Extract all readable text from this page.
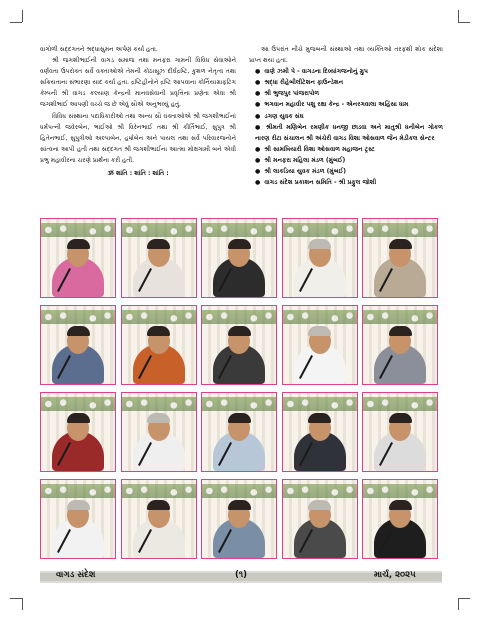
વાગોળી સદ્દગતને શ્રદ્ધાસુમન અર્પણ કર્યા હતા.

શ્રી જગશીભાઈની વાગડ સમાજ તથા મનફરા ગામની વિવિધ સેવાઓને વર્ણવતા ઉપરોક્ત સર્વે વક્તાઓએ તેમની કોઠાસૂઝ દીર્ઘદ્રષ્ટિ, કુશળ નેતૃત્વ તથા સક્રિયતાના સંભારણા યાદ કર્યા હતા. દ્રષ્ટિહીનોને દ્રષ્ટિ આપવાના કોર્નિયાગ્રાફટિંગ કેમ્પની શ્રી વાગડ કલ્યાણ કેન્દ્રની માનવસેવાની પ્રવૃત્તિના પ્રણેતા એવા શ્રી જગશીભાઈ આપણી વચ્ચે જ છે એવું સૌએ અનુભવ્યું હતું.

વિવિધ સંસ્થાના પદાધિકારીઓ તથા અન્ય સૌ વક્તાઓએ શ્રી જગશીભાઈનાં ધર્મપત્ની જવેરબેન, ભાઈઓ શ્રી વિરેનભાઈ તથા શ્રી કીર્તિભાઈ, સુપુત્ર શ્રી હિતેનભાઈ, સુપુત્રીઓ અલ્પાબેન, હર્ષાબેન અને પાયલ તથા સર્વે પરિવારજનોને સાંત્વના આપી હતી તથા સદ્દગત શ્રી જગશીભાઈના આત્મા મોક્ષગામી બને એવી પ્રભુ મહાવીરના ચરણે પ્રાર્થના કરી હતી.

ૐ શાંતિ : શાંતિ : શાંતિ :

આ ઉપરાંત નીચે મુજબની સંસ્થાઓ તથા વ્યક્તિઓ તરફથી શોક સંદેશા પ્રાપ્ત થયા હતા.

● વાણે ઝમી પે - વાગડના દિવ્યાંગજનોનું ગ્રુપ

● શ્રદ્ધા રીહેબીલીટેશન ફાઉન્ડેશન

● શ્રી ભુજપુર પાંજરાપોળ

● ભગવાન મહાવીર પશુ રક્ષા કેન્દ્ર - એનરગવાલા અહિંસા ધામ

● ડગણ યુવક સંઘ

● શ્રીમતી મણિબેન રમણીક ધનજી છાડવા અને માતુશ્રી ધનીબેન ગોકળ નારણ રીટા સંચાલન શ્રી અંચેરી વાગડ વિશા ઓસવાળ જૈન મેડીકલ સેન્ટર

● શ્રી સામખિયારી વિશા ઓસવાળ મહાજન ટ્રસ્ટ

● શ્રી મનફરા મહિલા મંડળ (મુંબઈ)

● શ્રી લાકડિયા યુવક મંડળ (મુંબઈ)

● વાગડ સંદેશ પ્રકાશન સમિતિ - શ્રી પ્રફુલ જોશી

વાગડ સંદેશ	(૧)	માર્ચ, ૨૦૨૫
